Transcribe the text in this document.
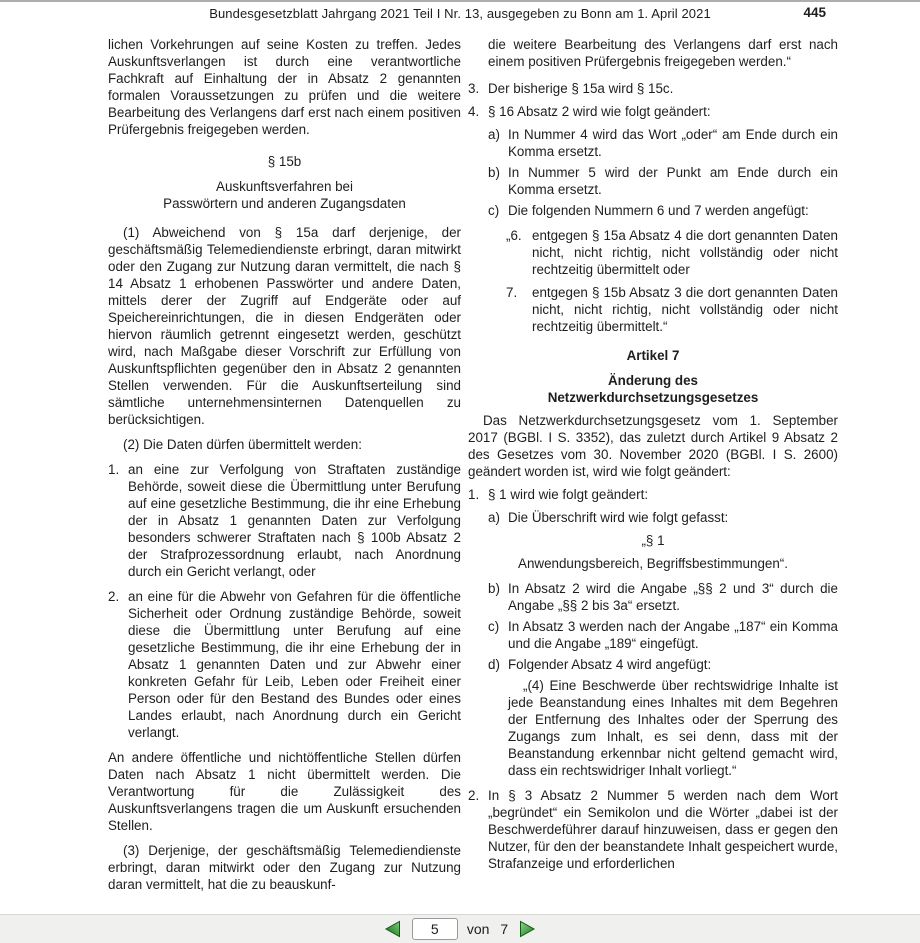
Bundesgesetzblatt Jahrgang 2021 Teil I Nr. 13, ausgegeben zu Bonn am 1. April 2021	445

lichen Vorkehrungen auf seine Kosten zu treffen. Jedes Auskunftsverlangen ist durch eine verantwortliche Fachkraft auf Einhaltung der in Absatz 2 genannten formalen Voraussetzungen zu prüfen und die weitere Bearbeitung des Verlangens darf erst nach einem positiven Prüfergebnis freigegeben werden.

§ 15b

Auskunftsverfahren bei

Passwörtern und anderen Zugangsdaten

(1) Abweichend von § 15a darf derjenige, der geschäftsmäßig Telemediendienste erbringt, daran mitwirkt oder den Zugang zur Nutzung daran vermittelt, die nach § 14 Absatz 1 erhobenen Passwörter und andere Daten, mittels derer der Zugriff auf Endgeräte oder auf Speichereinrichtungen, die in diesen Endgeräten oder hiervon räumlich getrennt eingesetzt werden, geschützt wird, nach Maßgabe dieser Vorschrift zur Erfüllung von Auskunftspflichten gegenüber den in Absatz 2 genannten Stellen verwenden. Für die Auskunftserteilung sind sämtliche unternehmensinternen Datenquellen zu berücksichtigen.

(2) Die Daten dürfen übermittelt werden:

1. an eine zur Verfolgung von Straftaten zuständige Behörde, soweit diese die Übermittlung unter Berufung auf eine gesetzliche Bestimmung, die ihr eine Erhebung der in Absatz 1 genannten Daten zur Verfolgung besonders schwerer Straftaten nach § 100b Absatz 2 der Strafprozessordnung erlaubt, nach Anordnung durch ein Gericht verlangt, oder
2. an eine für die Abwehr von Gefahren für die öffentliche Sicherheit oder Ordnung zuständige Behörde, soweit diese die Übermittlung unter Berufung auf eine gesetzliche Bestimmung, die ihr eine Erhebung der in Absatz 1 genannten Daten und zur Abwehr einer konkreten Gefahr für Leib, Leben oder Freiheit einer Person oder für den Bestand des Bundes oder eines Landes erlaubt, nach Anordnung durch ein Gericht verlangt.

An andere öffentliche und nichtöffentliche Stellen dürfen Daten nach Absatz 1 nicht übermittelt werden. Die Verantwortung für die Zulässigkeit des Auskunftsverlangens tragen die um Auskunft ersuchenden Stellen.

(3) Derjenige, der geschäftsmäßig Telemediendienste erbringt, daran mitwirkt oder den Zugang zur Nutzung daran vermittelt, hat die zu beauskunf-

die weitere Bearbeitung des Verlangens darf erst nach einem positiven Prüfergebnis freigegeben werden.“

3. Der bisherige § 15a wird § 15c.
4. § 16 Absatz 2 wird wie folgt geändert:
a) In Nummer 4 wird das Wort „oder“ am Ende durch ein Komma ersetzt.
b) In Nummer 5 wird der Punkt am Ende durch ein Komma ersetzt.
c) Die folgenden Nummern 6 und 7 werden angefügt:
„6. entgegen § 15a Absatz 4 die dort genannten Daten nicht, nicht richtig, nicht vollständig oder nicht rechtzeitig übermittelt oder
7.	entgegen § 15b Absatz 3 die dort genannten Daten nicht, nicht richtig, nicht vollständig oder nicht rechtzeitig übermittelt.“

Artikel 7

Änderung des

Netzwerkdurchsetzungsgesetzes

Das Netzwerkdurchsetzungsgesetz vom 1. September 2017 (BGBl. I S. 3352), das zuletzt durch Artikel 9 Absatz 2 des Gesetzes vom 30. November 2020 (BGBl. I S. 2600) geändert worden ist, wird wie folgt geändert:

1. § 1 wird wie folgt geändert:
a) Die Überschrift wird wie folgt gefasst:

„§ 1

Anwendungsbereich, Begriffsbestimmungen“.

b) In Absatz 2 wird die Angabe „§§ 2 und 3“ durch die Angabe „§§ 2 bis 3a“ ersetzt.
c) In Absatz 3 werden nach der Angabe „187“ ein Komma und die Angabe „189“ eingefügt.
d) Folgender Absatz 4 wird angefügt:

„(4) Eine Beschwerde über rechtswidrige Inhalte ist jede Beanstandung eines Inhaltes mit dem Begehren der Entfernung des Inhaltes oder der Sperrung des Zugangs zum Inhalt, es sei denn, dass mit der Beanstandung erkennbar nicht geltend gemacht wird, dass ein rechtswidriger Inhalt vorliegt.“

2. In § 3 Absatz 2 Nummer 5 werden nach dem Wort „begründet“ ein Semikolon und die Wörter „dabei ist der Beschwerdeführer darauf hinzuweisen, dass er gegen den Nutzer, für den der beanstandete Inhalt gespeichert wurde, Strafanzeige und erforderlichen
5
von 7
